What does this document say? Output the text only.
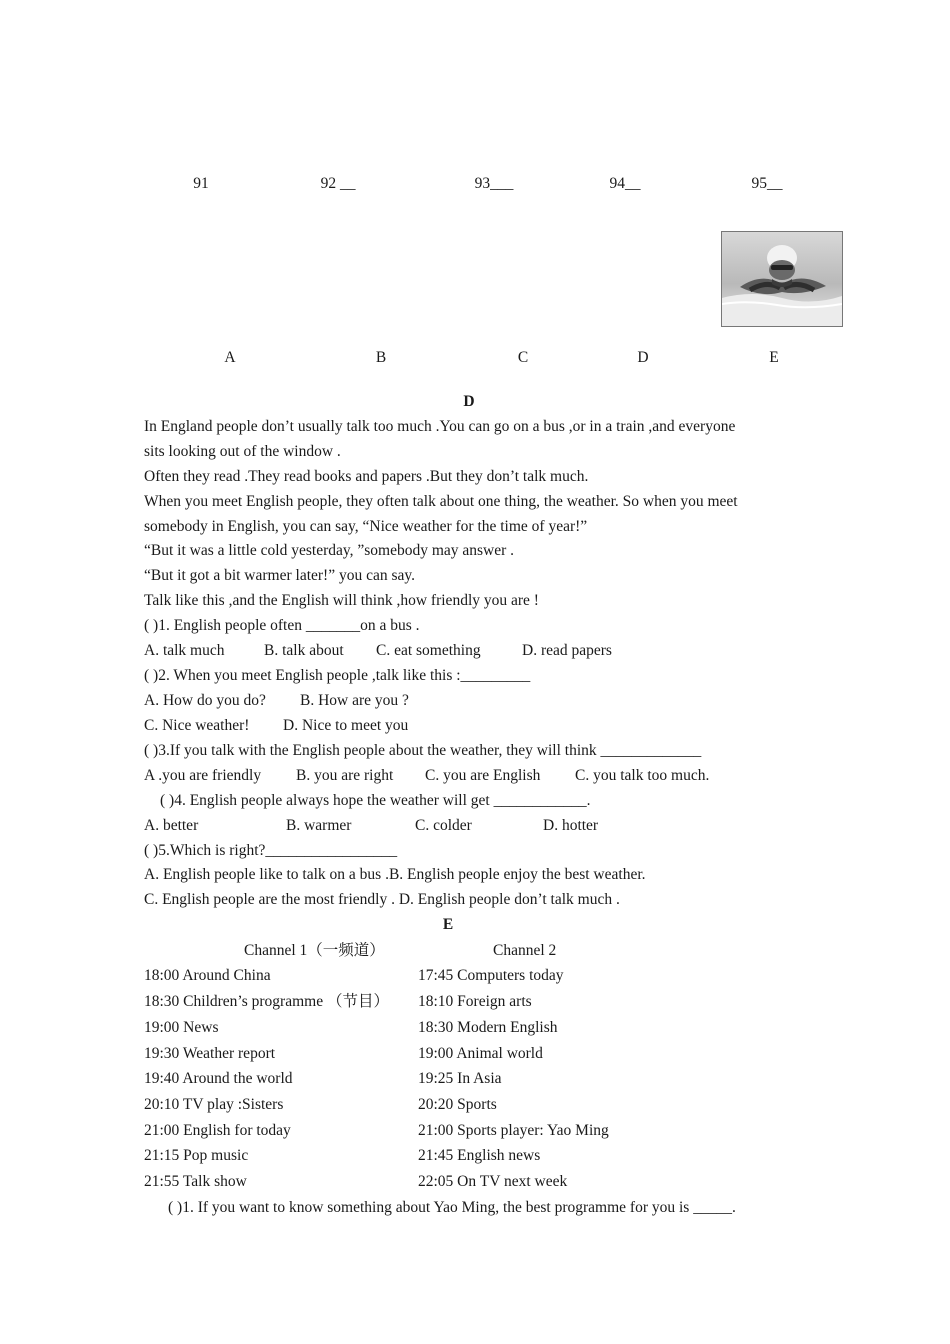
91	92 __	93___	94__	95__
A	B	C	D	E
D
In England people don’t usually talk too much .You can go on a bus ,or in a train ,and everyone
sits looking out of the window .
Often they read .They read books and papers .But they don’t talk much.
When you meet English people, they often talk about one thing, the weather. So when you meet
somebody in English, you can say, “Nice weather for the time of year!”
“But it was a little cold yesterday, ”somebody may answer .
“But it got a bit warmer later!” you can say.
Talk like this ,and the English will think ,how friendly you are !
( )1. English people often _______on a bus .
A. talk much	B. talk about C. eat something	D. read papers
( )2. When you meet English people ,talk like this :_________
A. How do you do? B. How are you ?
C. Nice weather! D. Nice to meet you
( )3.If you talk with the English people about the weather, they will think _____________
A .you are friendly B. you are right C. you are English C. you talk too much.
( )4. English people always hope the weather will get ____________.
A. better	B. warmer	C. colder	D. hotter
( )5.Which is right?_________________
A. English people like to talk on a bus .B. English people enjoy the best weather.
C. English people are the most friendly . D. English people don’t talk much .
E
Channel 1（一频道）	Channel 2
18:00 Around China	17:45 Computers today
18:30 Children’s programme （节目） 18:10 Foreign arts
19:00 News	18:30 Modern English
19:30 Weather report	19:00 Animal world
19:40 Around the world	19:25 In Asia
20:10 TV play :Sisters	20:20 Sports
21:00 English for today	21:00 Sports player: Yao Ming
21:15 Pop music	21:45 English news
21:55 Talk show	22:05 On TV next week
( )1. If you want to know something about Yao Ming, the best programme for you is _____.
